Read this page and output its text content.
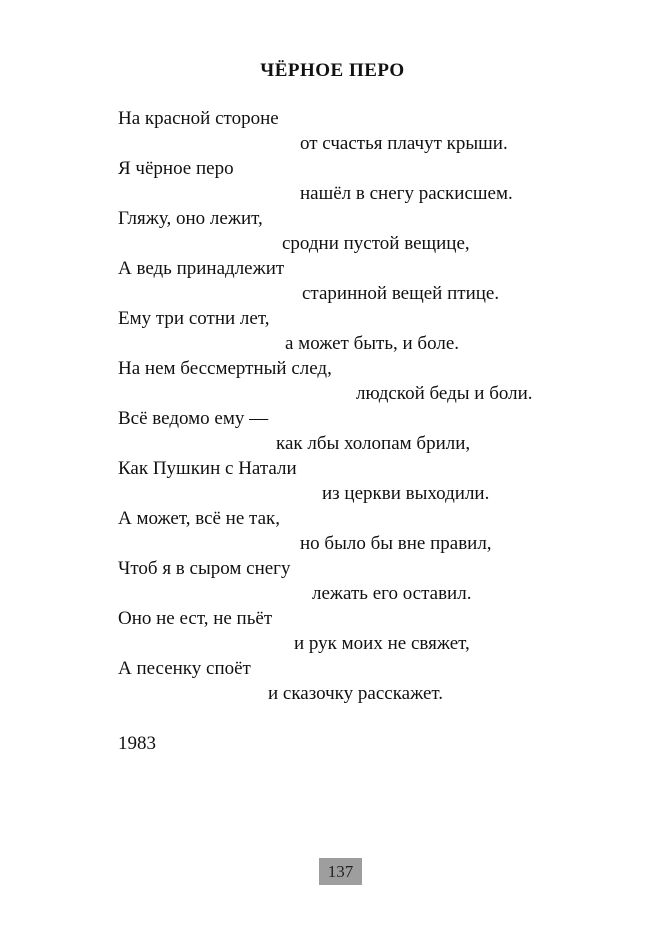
ЧЁРНОЕ ПЕРО
На красной стороне
от счастья плачут крыши.
Я чёрное перо
нашёл в снегу раскисшем.
Гляжу, оно лежит,
сродни пустой вещице,
А ведь принадлежит
старинной вещей птице.
Ему три сотни лет,
а может быть, и боле.
На нем бессмертный след,
людской беды и боли.
Всё ведомо ему —
как лбы холопам брили,
Как Пушкин с Натали
из церкви выходили.
А может, всё не так,
но было бы вне правил,
Чтоб я в сыром снегу
лежать его оставил.
Оно не ест, не пьёт
и рук моих не свяжет,
А песенку споёт
и сказочку расскажет.
1983
137
